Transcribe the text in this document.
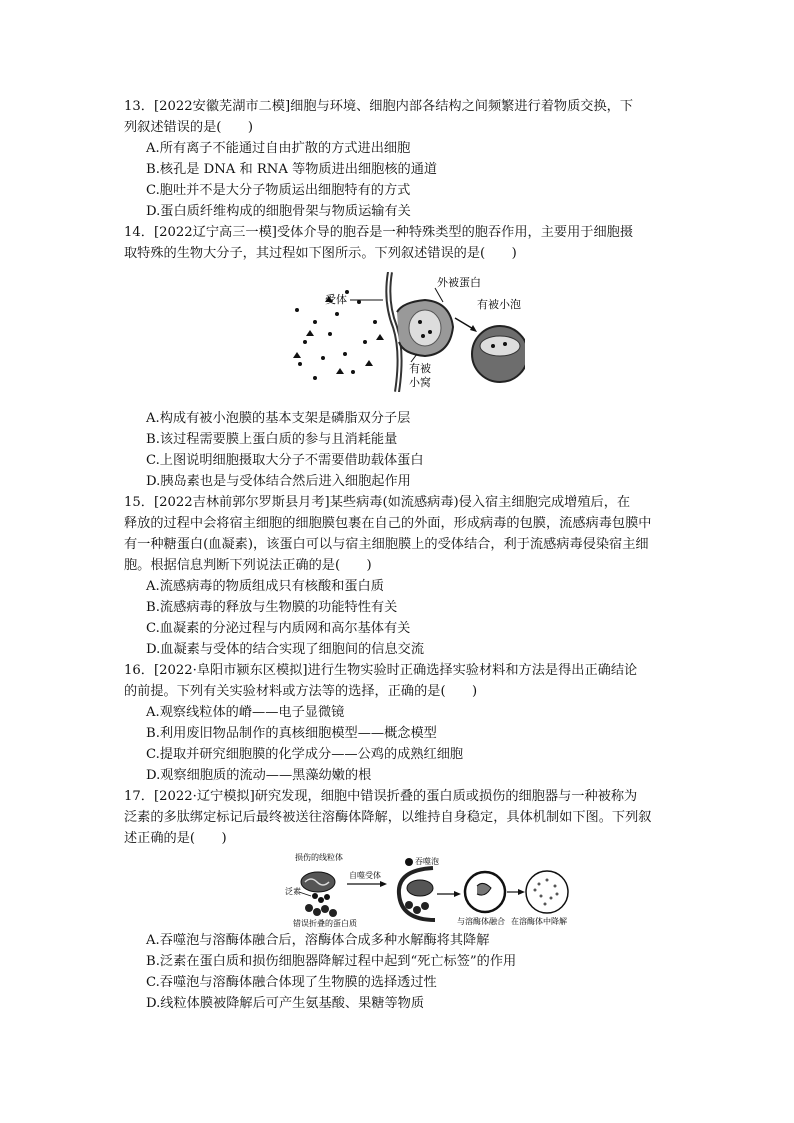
13．[2022安徽芜湖市二模]细胞与环境、细胞内部各结构之间频繁进行着物质交换，下
列叙述错误的是(　　)
A.所有离子不能通过自由扩散的方式进出细胞
B.核孔是 DNA 和 RNA 等物质进出细胞核的通道
C.胞吐并不是大分子物质运出细胞特有的方式
D.蛋白质纤维构成的细胞骨架与物质运输有关
14．[2022辽宁高三一模]受体介导的胞吞是一种特殊类型的胞吞作用，主要用于细胞摄
取特殊的生物大分子，其过程如下图所示。下列叙述错误的是(　　)
受体
外被蛋白
有被小泡
有被
小窝
A.构成有被小泡膜的基本支架是磷脂双分子层
B.该过程需要膜上蛋白质的参与且消耗能量
C.上图说明细胞摄取大分子不需要借助载体蛋白
D.胰岛素也是与受体结合然后进入细胞起作用
15．[2022吉林前郭尔罗斯县月考]某些病毒(如流感病毒)侵入宿主细胞完成增殖后，在
释放的过程中会将宿主细胞的细胞膜包裹在自己的外面，形成病毒的包膜，流感病毒包膜中
有一种糖蛋白(血凝素)，该蛋白可以与宿主细胞膜上的受体结合，利于流感病毒侵染宿主细
胞。根据信息判断下列说法正确的是(　　)
A.流感病毒的物质组成只有核酸和蛋白质
B.流感病毒的释放与生物膜的功能特性有关
C.血凝素的分泌过程与内质网和高尔基体有关
D.血凝素与受体的结合实现了细胞间的信息交流
16．[2022·阜阳市颍东区模拟]进行生物实验时正确选择实验材料和方法是得出正确结论
的前提。下列有关实验材料或方法等的选择，正确的是(　　)
A.观察线粒体的嵴——电子显微镜
B.利用废旧物品制作的真核细胞模型——概念模型
C.提取并研究细胞膜的化学成分——公鸡的成熟红细胞
D.观察细胞质的流动——黑藻幼嫩的根
17．[2022·辽宁模拟]研究发现，细胞中错误折叠的蛋白质或损伤的细胞器与一种被称为
泛素的多肽绑定标记后最终被送往溶酶体降解，以维持自身稳定，具体机制如下图。下列叙
述正确的是(　　)
损伤的线粒体
泛素
吞噬泡
自噬受体
错误折叠的蛋白质	与溶酶体融合 在溶酶体中降解
A.吞噬泡与溶酶体融合后，溶酶体合成多种水解酶将其降解
B.泛素在蛋白质和损伤细胞器降解过程中起到“死亡标签”的作用
C.吞噬泡与溶酶体融合体现了生物膜的选择透过性
D.线粒体膜被降解后可产生氨基酸、果糖等物质
